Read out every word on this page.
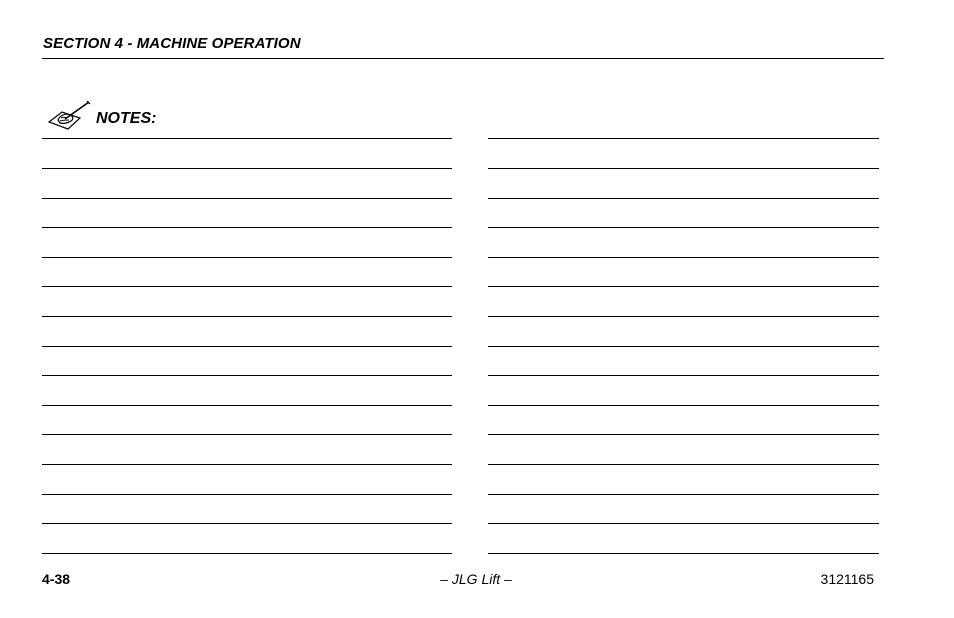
SECTION 4 - MACHINE OPERATION
NOTES:
4-38	– JLG Lift –	3121165
